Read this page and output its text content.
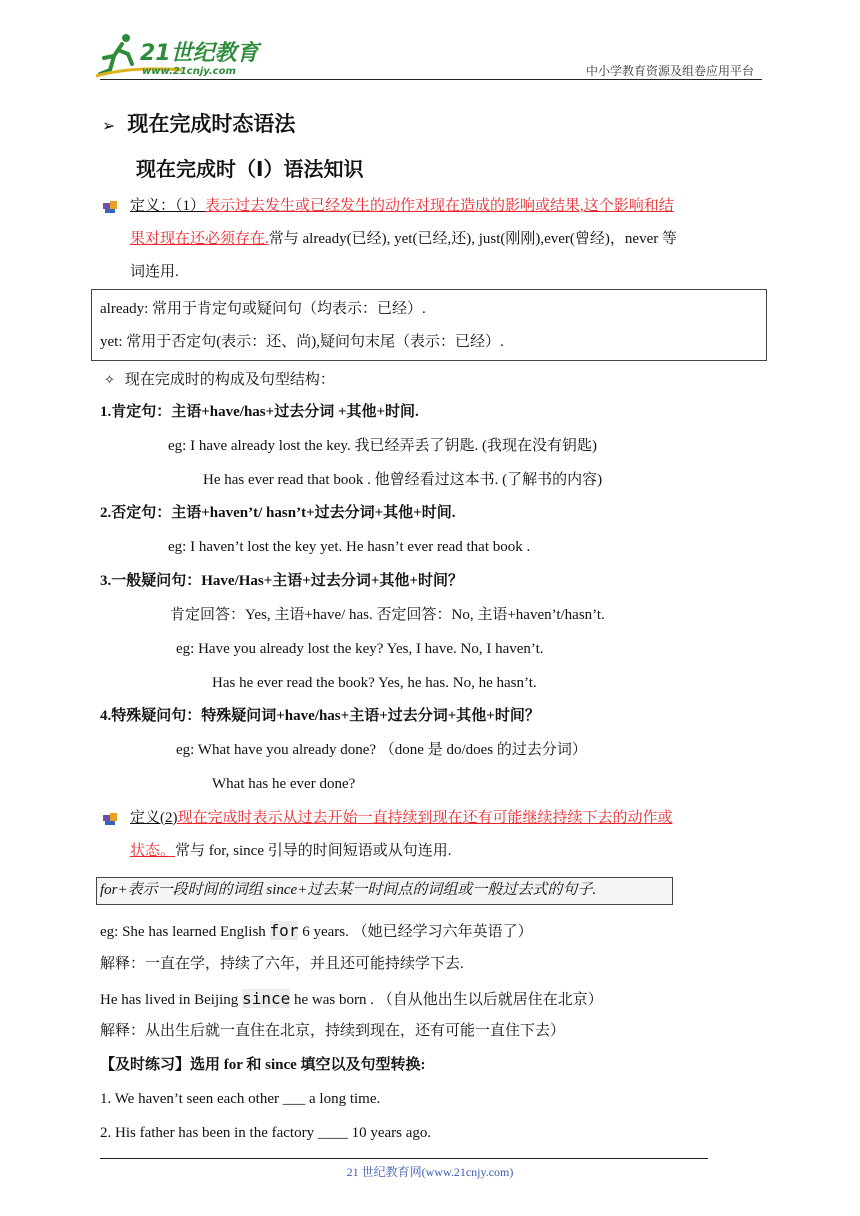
21世纪教育
www.21cnjy.com	中小学教育资源及组卷应用平台
➢ 现在完成时态语法
现在完成时（I）语法知识
定义：（1）表示过去发生或已经发生的动作对现在造成的影响或结果,这个影响和结
果对现在还必须存在.常与 already(已经), yet(已经,还), just(刚刚),ever(曾经)，never 等
词连用.
already: 常用于肯定句或疑问句（均表示：已经）.
yet: 常用于否定句(表示：还、尚),疑问句末尾（表示：已经）.
✧ 现在完成时的构成及句型结构：
1.肯定句：主语+have/has+过去分词 +其他+时间.
eg: I have already lost the key. 我已经弄丢了钥匙. (我现在没有钥匙)
He has ever read that book . 他曾经看过这本书. (了解书的内容)
2.否定句：主语+haven’t/ hasn’t+过去分词+其他+时间.
eg: I haven’t lost the key yet. He hasn’t ever read that book .
3.一般疑问句：Have/Has+主语+过去分词+其他+时间？
肯定回答：Yes, 主语+have/ has. 否定回答：No, 主语+haven’t/hasn’t.
eg: Have you already lost the key? Yes, I have. No, I haven’t.
Has he ever read the book? Yes, he has. No, he hasn’t.
4.特殊疑问句：特殊疑问词+have/has+主语+过去分词+其他+时间？
eg: What have you already done? （done 是 do/does 的过去分词）
What has he ever done?
定义(2)现在完成时表示从过去开始一直持续到现在还有可能继续持续下去的动作或
状态。常与 for, since 引导的时间短语或从句连用.
for+表示一段时间的词组 since+过去某一时间点的词组或一般过去式的句子.
eg: She has learned English for 6 years. （她已经学习六年英语了）
解释：一直在学，持续了六年，并且还可能持续学下去.
He has lived in Beijing since he was born . （自从他出生以后就居住在北京）
解释：从出生后就一直住在北京，持续到现在，还有可能一直住下去）
【及时练习】选用 for 和 since 填空以及句型转换:
1. We haven’t seen each other ___ a long time.
2. His father has been in the factory ____ 10 years ago.
21 世纪教育网(www.21cnjy.com)
